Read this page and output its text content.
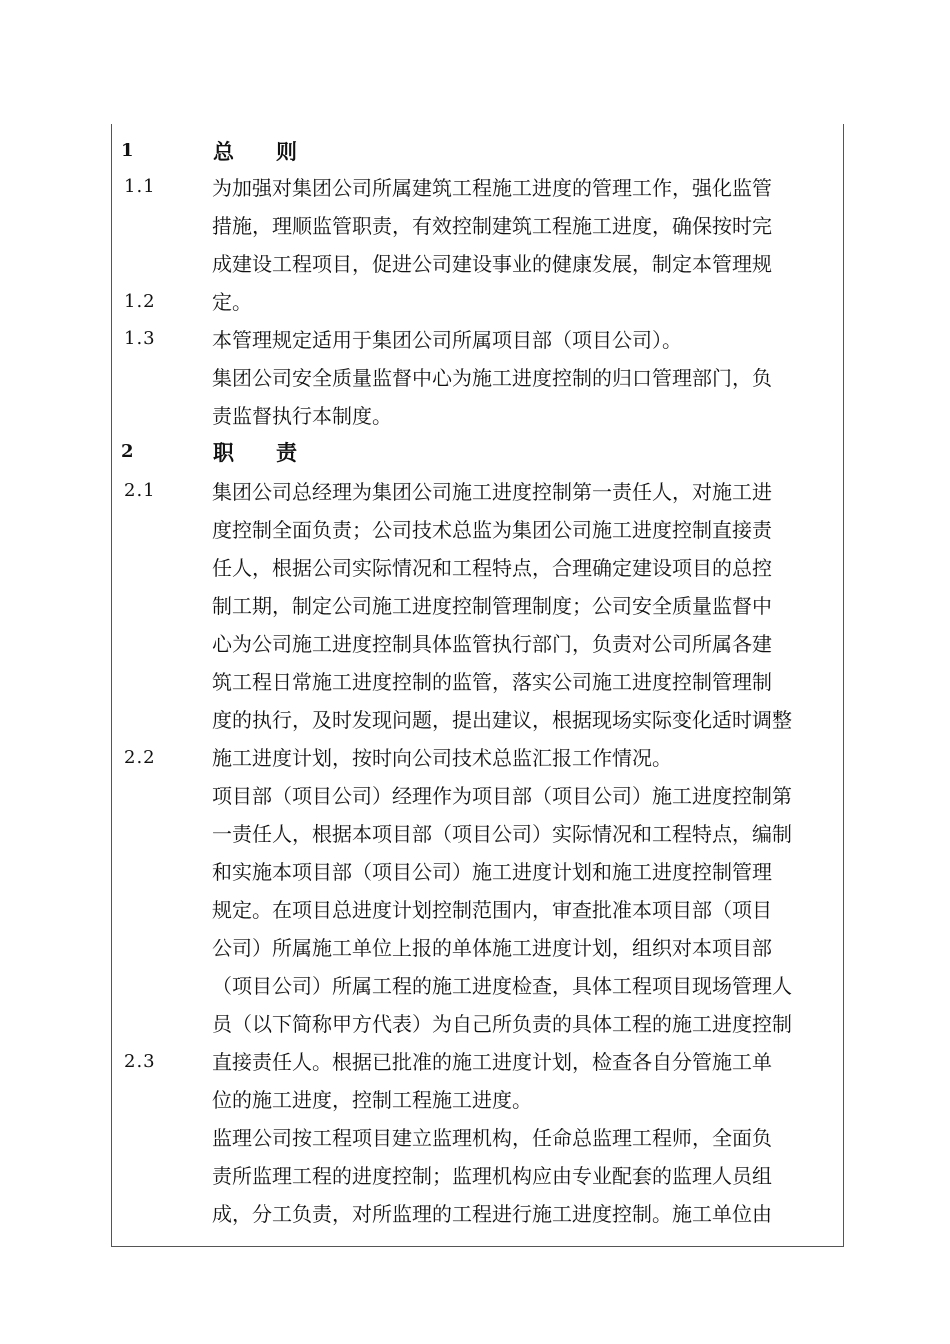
1
1.1
1.2
1.3
2
2.1
2.2
2.3
总　　则
职　　责
为加强对集团公司所属建筑工程施工进度的管理工作，强化监管
措施，理顺监管职责，有效控制建筑工程施工进度，确保按时完
成建设工程项目，促进公司建设事业的健康发展，制定本管理规
定。
本管理规定适用于集团公司所属项目部（项目公司）。
集团公司安全质量监督中心为施工进度控制的归口管理部门，负
责监督执行本制度。
集团公司总经理为集团公司施工进度控制第一责任人，对施工进
度控制全面负责；公司技术总监为集团公司施工进度控制直接责
任人，根据公司实际情况和工程特点，合理确定建设项目的总控
制工期，制定公司施工进度控制管理制度；公司安全质量监督中
心为公司施工进度控制具体监管执行部门，负责对公司所属各建
筑工程日常施工进度控制的监管，落实公司施工进度控制管理制
度的执行，及时发现问题，提出建议，根据现场实际变化适时调整
施工进度计划，按时向公司技术总监汇报工作情况。
项目部（项目公司）经理作为项目部（项目公司）施工进度控制第
一责任人，根据本项目部（项目公司）实际情况和工程特点，编制
和实施本项目部（项目公司）施工进度计划和施工进度控制管理
规定。在项目总进度计划控制范围内，审查批准本项目部（项目
公司）所属施工单位上报的单体施工进度计划，组织对本项目部
（项目公司）所属工程的施工进度检查，具体工程项目现场管理人
员（以下简称甲方代表）为自己所负责的具体工程的施工进度控制
直接责任人。根据已批准的施工进度计划，检查各自分管施工单
位的施工进度，控制工程施工进度。
监理公司按工程项目建立监理机构，任命总监理工程师，全面负
责所监理工程的进度控制；监理机构应由专业配套的监理人员组
成，分工负责，对所监理的工程进行施工进度控制。施工单位由
